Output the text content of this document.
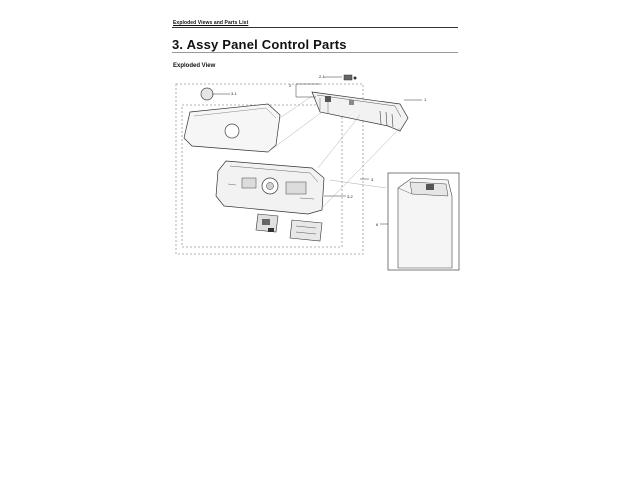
Exploded Views and Parts List
3. Assy Panel Control Parts
Exploded View
1
2
2-1
3-1
3
3-2
6
